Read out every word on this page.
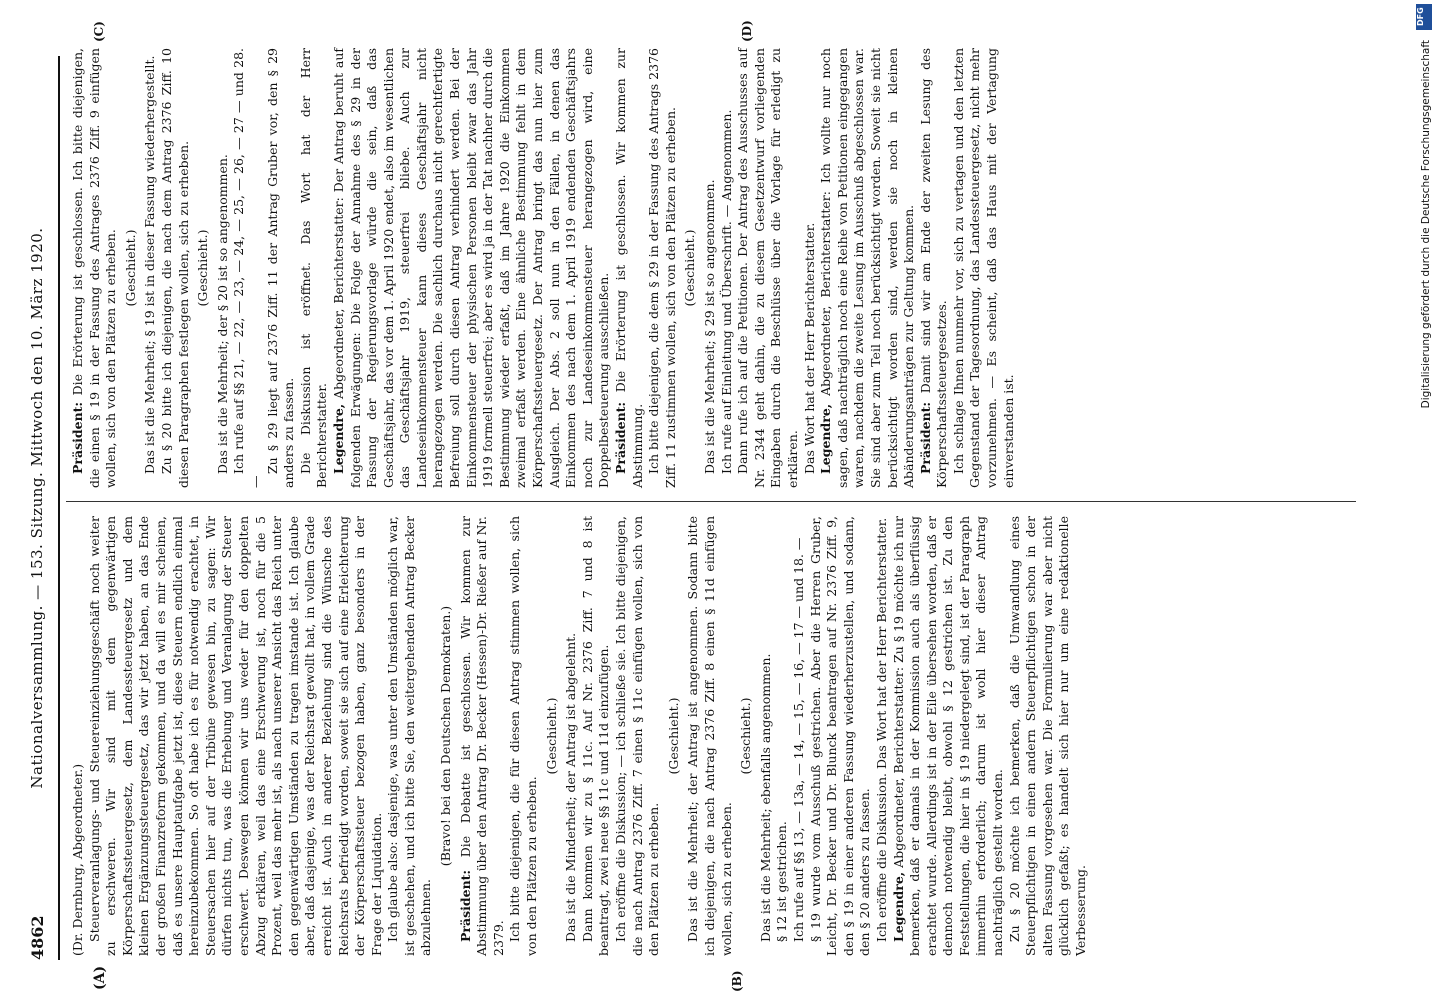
4862
Nationalversammlung. — 153. Sitzung. Mittwoch den 10. März 1920.
(A)	(B)
(C)	(D)

(Dr. Dernburg, Abgeordneter.) Steuerveranlagungs- und Steuereinziehungsgeschäft noch weiter zu erschweren. Wir sind mit dem gegenwärtigen Körperschaftssteuergesetz, dem Landessteuergesetz und dem kleinen Ergänzungssteuergesetz, das wir jetzt haben, an das Ende der großen Finanzreform gekommen, und da will es mir scheinen, daß es unsere Hauptaufgabe jetzt ist, diese Steuern endlich einmal hereinzubekommen. So oft habe ich es für notwendig erachtet, in Steuersachen hier auf der Tribüne gewesen bin, zu sagen: Wir dürfen nichts tun, was die Erhebung und Veranlagung der Steuer erschwert. Deswegen können wir uns weder für den doppelten Abzug erklären, weil das eine Erschwerung ist, noch für die 5 Prozent, weil das mehr ist, als nach unserer Ansicht das Reich unter den gegenwärtigen Umständen zu tragen imstande ist. Ich glaube aber, daß dasjenige, was der Reichsrat gewollt hat, in vollem Grade erreicht ist. Auch in anderer Beziehung sind die Wünsche des Reichsrats befriedigt worden, soweit sie sich auf eine Erleichterung der Körperschaftssteuer bezogen haben, ganz besonders in der Frage der Liquidation. Ich glaube also: dasjenige, was unter den Umständen möglich war, ist geschehen, und ich bitte Sie, den weitergehenden Antrag Becker abzulehnen.

(Bravo! bei den Deutschen Demokraten.)

Präsident: Die Debatte ist geschlossen. Wir kommen zur Abstimmung über den Antrag Dr. Becker (Hessen)-Dr. Rießer auf Nr. 2379. Ich bitte diejenigen, die für diesen Antrag stimmen wollen, sich von den Plätzen zu erheben.

(Geschieht.) Das ist die Minderheit; der Antrag ist abgelehnt. Dann kommen wir zu § 11c. Auf Nr. 2376 Ziff. 7 und 8 ist beantragt, zwei neue §§ 11c und 11d einzufügen. Ich eröffne die Diskussion; — ich schließe sie. Ich bitte diejenigen, die nach Antrag 2376 Ziff. 7 einen § 11c einfügen wollen, sich von den Plätzen zu erheben.

(Geschieht.) Das ist die Mehrheit; der Antrag ist angenommen. Sodann bitte ich diejenigen, die nach Antrag 2376 Ziff. 8 einen § 11d einfügen wollen, sich zu erheben.

(Geschieht.) Das ist die Mehrheit; ebenfalls angenommen. § 12 ist gestrichen. Ich rufe auf §§ 13, — 13a, — 14, — 15, — 16, — 17 — und 18. — § 19 wurde vom Ausschuß gestrichen. Aber die Herren Gruber, Leicht, Dr. Becker und Dr. Blunck beantragen auf Nr. 2376 Ziff. 9, den § 19 in einer anderen Fassung wiederherzustellen, und sodann, den § 20 anders zu fassen. Ich eröffne die Diskussion. Das Wort hat der Herr Berichterstatter. Legendre, Abgeordneter, Berichterstatter: Zu § 19 möchte ich nur bemerken, daß er damals in der Kommission auch als überflüssig erachtet wurde. Allerdings ist in der Eile übersehen worden, daß er dennoch notwendig bleibt, obwohl § 12 gestrichen ist. Zu den Feststellungen, die hier in § 19 niedergelegt sind, ist der Paragraph immerhin erforderlich; darum ist wohl hier dieser Antrag nachträglich gestellt worden. Zu § 20 möchte ich bemerken, daß die Umwandlung eines Steuerpflichtigen in einen andern Steuerpflichtigen schon in der alten Fassung vorgesehen war. Die Formulierung war aber nicht glücklich gefaßt; es handelt sich hier nur um eine redaktionelle Verbesserung.

Präsident: Die Erörterung ist geschlossen. Ich bitte diejenigen, die einen § 19 in der Fassung des Antrages 2376 Ziff. 9 einfügen wollen, sich von den Plätzen zu erheben. (Geschieht.) Das ist die Mehrheit; § 19 ist in dieser Fassung wiederhergestellt. Zu § 20 bitte ich diejenigen, die nach dem Antrag 2376 Ziff. 10 diesen Paragraphen festlegen wollen, sich zu erheben. (Geschieht.) Das ist die Mehrheit; der § 20 ist so angenommen. Ich rufe auf §§ 21, — 22, — 23, — 24, — 25, — 26, — 27 — und 28. —

Zu § 29 liegt auf 2376 Ziff. 11 der Antrag Gruber vor, den § 29 anders zu fassen. Die Diskussion ist eröffnet. Das Wort hat der Herr Berichterstatter. Legendre, Abgeordneter, Berichterstatter: Der Antrag beruht auf folgenden Erwägungen: Die Folge der Annahme des § 29 in der Fassung der Regierungsvorlage würde die sein, daß das Geschäftsjahr, das vor dem 1. April 1920 endet, also im wesentlichen das Geschäftsjahr 1919, steuerfrei bliebe. Auch zur Landeseinkommensteuer kann dieses Geschäftsjahr nicht herangezogen werden. Die sachlich durchaus nicht gerechtfertigte Befreiung soll durch diesen Antrag verhindert werden. Bei der Einkommensteuer der physischen Personen bleibt zwar das Jahr 1919 formell steuerfrei; aber es wird ja in der Tat nachher durch die Bestimmung wieder erfaßt, daß im Jahre 1920 die Einkommen zweimal erfaßt werden. Eine ähnliche Bestimmung fehlt in dem Körperschaftssteuergesetz. Der Antrag bringt das nun hier zum Ausgleich. Der Abs. 2 soll nun in den Fällen, in denen das Einkommen des nach dem 1. April 1919 endenden Geschäftsjahrs noch zur Landeseinkommensteuer herangezogen wird, eine Doppelbesteuerung ausschließen. Präsident: Die Erörterung ist geschlossen. Wir kommen zur Abstimmung. Ich bitte diejenigen, die dem § 29 in der Fassung des Antrags 2376 Ziff. 11 zustimmen wollen, sich von den Plätzen zu erheben. (Geschieht.) Das ist die Mehrheit; § 29 ist so angenommen. Ich rufe auf Einleitung und Überschrift. — Angenommen. Dann rufe ich auf die Petitionen. Der Antrag des Ausschusses auf Nr. 2344 geht dahin, die zu diesem Gesetzentwurf vorliegenden Eingaben durch die Beschlüsse über die Vorlage für erledigt zu erklären. Das Wort hat der Herr Berichterstatter. Legendre, Abgeordneter, Berichterstatter: Ich wollte nur noch sagen, daß nachträglich noch eine Reihe von Petitionen eingegangen waren, nachdem die zweite Lesung im Ausschuß abgeschlossen war. Sie sind aber zum Teil noch berücksichtigt worden. Soweit sie nicht berücksichtigt worden sind, werden sie noch in kleinen Abänderungsanträgen zur Geltung kommen. Präsident: Damit sind wir am Ende der zweiten Lesung des Körperschaftssteuergesetzes. Ich schlage Ihnen nunmehr vor, sich zu vertagen und den letzten Gegenstand der Tagesordnung, das Landessteuergesetz, nicht mehr vorzunehmen. — Es scheint, daß das Haus mit der Vertagung einverstanden ist.

DFG
Digitalisierung gefördert durch die Deutsche Forschungsgemeinschaft
